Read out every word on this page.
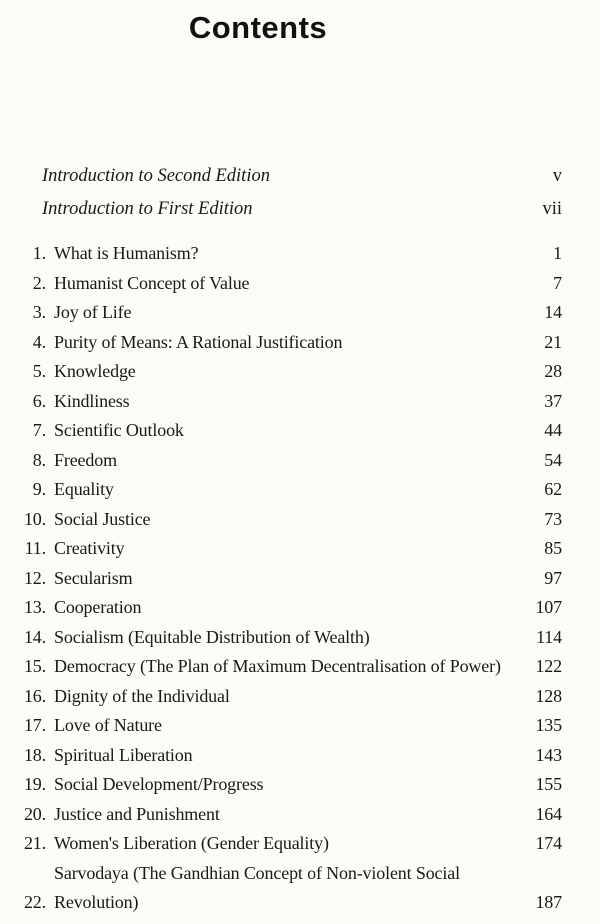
Contents
Introduction to Second Edition	v
Introduction to First Edition	vii
1. What is Humanism?	1
2. Humanist Concept of Value	7
3. Joy of Life	14
4. Purity of Means: A Rational Justification	21
5. Knowledge	28
6. Kindliness	37
7. Scientific Outlook	44
8. Freedom	54
9. Equality	62
10. Social Justice	73
11. Creativity	85
12. Secularism	97
13. Cooperation	107
14. Socialism (Equitable Distribution of Wealth)	114
15. Democracy (The Plan of Maximum Decentralisation of Power)	122
16. Dignity of the Individual	128
17. Love of Nature	135
18. Spiritual Liberation	143
19. Social Development/Progress	155
20. Justice and Punishment	164
21. Women's Liberation (Gender Equality)	174
22.
Sarvodaya (The Gandhian Concept of Non-violent Social Revolution)	187
